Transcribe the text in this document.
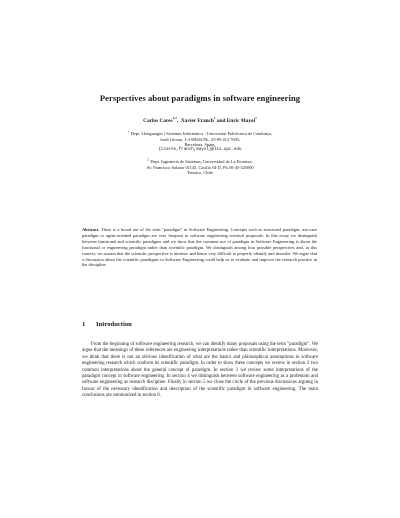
Perspectives about paradigms in software engineering
Carlos Cares$^{1,2}$,  Xavier Franch$^1$ and Enric Mayol$^1$
$^1$ Dept. Llenguatges i Sistemes Informàtics - Universitat Politècnica de Catalunya,
Jordi Girona, 1-3 08034 Pb., 45-99 413 7693,
Barcelona, Spain.
{ccares,franch,mayol}@lsi.upc.edu
$^2$ Dept. Ingeniería de Sistemas, Universidad de La Frontera,
Av. Francisco Salazar 01145, Casilla 54-D, Ph.56-45-325000
Temuco, Chile
Abstract. There is a broad use of the term "paradigm" in Software Engineering. Concepts such as structured paradigm, use-case paradigm or agent-oriented paradigm are very frequent in software engineering research proposals. In this essay we distinguish between functional and scientific paradigms and we show that the common use of paradigm in Software Engineering is about the functional or engineering paradigm rather than scientific paradigm. We distinguish among four possible perspectives and, in this context, we sustain that the scientific perspective is intrinsic and hence very difficult to properly identify and describe. We argue that a discussion about the scientific paradigms in Software Engineering could help us to evaluate and improve the research practice in the discipline.
1 Introduction

From the beginning of software engineering research, we can identify many proposals using the term "paradigm". We argue that the meanings of these references are engineering interpretations rather than scientific interpretations. Moreover, we think that there is not an obvious identification of what are the basics and philosophical assumptions in software engineering research which conform its scientific paradigm. In order to show these concepts we review in section 2 two common interpretations about the general concept of paradigm. In section 3 we review some interpretations of the paradigm concept in software engineering. In section 4 we distinguish between software engineering as a profession and software engineering as research discipline. Finally in section 5 we close the circle of the previous discussions arguing in favour of the necessary identification and description of the scientific paradigm in software engineering. The main conclusions are summarized in section 6.
